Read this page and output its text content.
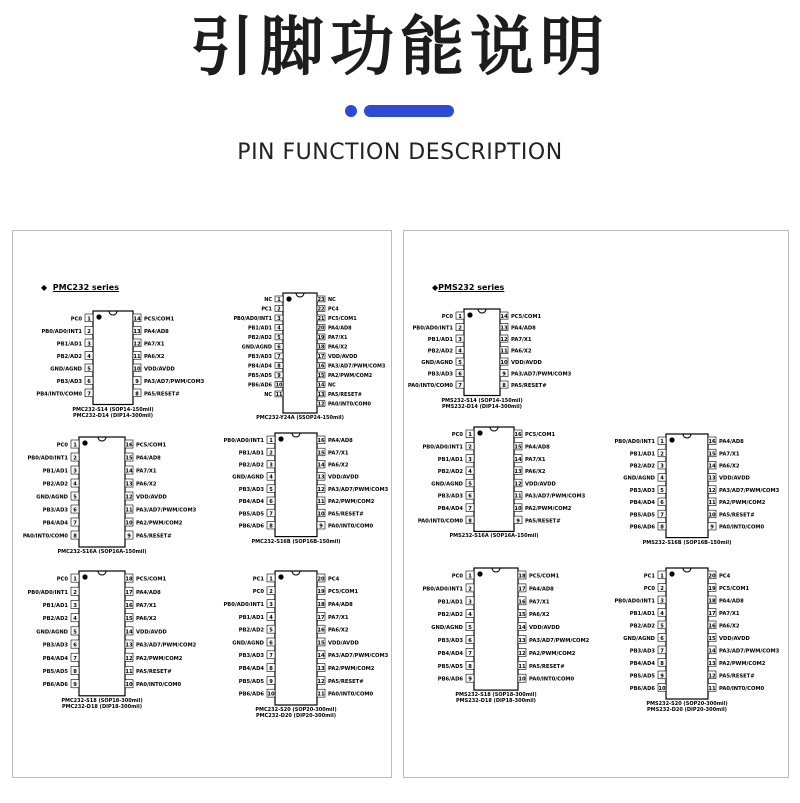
引脚功能说明
PIN FUNCTION DESCRIPTION
◆  PMC232 series
1
PC0
2
PB0/AD0/INT1
3
PB1/AD1
4
PB2/AD2
5
GND/AGND
6
PB3/AD3
7
PB4/INT0/COM0
14 PC5/COM1
13 PA4/AD8
12 PA7/X1
11 PA6/X2
10 VDD/AVDD
9 PA3/AD7/PWM/COM3
8 PA5/RESET#
PMC232-S14 (SOP14-150mil)
PMC232-D14 (DIP14-300mil)
1
NC
2
PC1
3
PB0/AD0/INT1
4
PB1/AD1
5
PB2/AD2
6
GND/AGND
7
PB3/AD3
8
PB4/AD4
9
PB5/AD5
10
PB6/AD6
11
NC
23 NC
22 PC4
21 PC5/COM1
20 PA4/AD8
19 PA7/X1
18 PA6/X2
17 VDD/AVDD
16 PA3/AD7/PWM/COM3
15 PA2/PWM/COM2
14 NC
13 PA5/RESET#
12 PA0/INT0/COM0
PMC232-Y24A (SSOP24-150mil)
1
PC0
2
PB0/AD0/INT1
3
PB1/AD1
4
PB2/AD2
5
GND/AGND
6
PB3/AD3
7
PB4/AD4
8
PA0/INT0/COM0
16 PC5/COM1
15 PA4/AD8
14 PA7/X1
13 PA6/X2
12 VDD/AVDD
11 PA3/AD7/PWM/COM3
10 PA2/PWM/COM2
9 PA5/RESET#
PMC232-S16A (SOP16A-150mil)
1
PB0/AD0/INT1
2
PB1/AD1
3
PB2/AD2
4
GND/AGND
5
PB3/AD3
6
PB4/AD4
7
PB5/AD5
8
PB6/AD6
16 PA4/AD8
15 PA7/X1
14 PA6/X2
13 VDD/AVDD
12 PA3/AD7/PWM/COM3
11 PA2/PWM/COM2
10 PA5/RESET#
9 PA0/INT0/COM0
PMC232-S16B (SOP16B-150mil)
1
PC0
2
PB0/AD0/INT1
3
PB1/AD1
4
PB2/AD2
5
GND/AGND
6
PB3/AD3
7
PB4/AD4
8
PB5/AD5
9
PB6/AD6
18 PC5/COM1
17 PA4/AD8
16 PA7/X1
15 PA6/X2
14 VDD/AVDD
13 PA3/AD7/PWM/COM2
12 PA2/PWM/COM2
11 PA5/RESET#
10 PA0/INT0/COM0
PMC232-S18 (SOP18-300mil)
PMC232-D18 (DIP18-300mil)
1
PC1
2
PC0
3
PB0/AD0/INT1
4
PB1/AD1
5
PB2/AD2
6
GND/AGND
7
PB3/AD3
8
PB4/AD4
9
PB5/AD5
10
PB6/AD6
20 PC4
19 PC5/COM1
18 PA4/AD8
17 PA7/X1
16 PA6/X2
15 VDD/AVDD
14 PA3/AD7/PWM/COM3
13 PA2/PWM/COM2
12 PA5/RESET#
11 PA0/INT0/COM0
PMC232-S20 (SOP20-300mil)
PMC232-D20 (DIP20-300mil)
◆PMS232 series
1
PC0
2
PB0/AD0/INT1
3
PB1/AD1
4
PB2/AD2
5
GND/AGND
6
PB3/AD3
7
PA0/INT0/COM0
14 PC5/COM1
13 PA4/AD8
12 PA7/X1
11 PA6/X2
10 VDD/AVDD
9 PA3/AD7/PWM/COM3
8 PA5/RESET#
PMS232-S14 (SOP14-150mil)
PMS232-D14 (DIP14-300mil)
1
PC0
2
PB0/AD0/INT1
3
PB1/AD1
4
PB2/AD2
5
GND/AGND
6
PB3/AD3
7
PB4/AD4
8
PA0/INT0/COM0
16 PC5/COM1
15 PA4/AD8
14 PA7/X1
13 PA6/X2
12 VDD/AVDD
11 PA3/AD7/PWM/COM3
10 PA2/PWM/COM2
9 PA5/RESET#
PMS232-S16A (SOP16A-150mil)
1
PB0/AD0/INT1
2
PB1/AD1
3
PB2/AD2
4
GND/AGND
5
PB3/AD3
6
PB4/AD4
7
PB5/AD5
8
PB6/AD6
16 PA4/AD8
15 PA7/X1
14 PA6/X2
13 VDD/AVDD
12 PA3/AD7/PWM/COM3
11 PA2/PWM/COM2
10 PA5/RESET#
9 PA0/INT0/COM0
PMS232-S16B (SOP16B-150mil)
1
PC0
2
PB0/AD0/INT1
3
PB1/AD1
4
PB2/AD2
5
GND/AGND
6
PB3/AD3
7
PB4/AD4
8
PB5/AD5
9
PB6/AD6
18 PC5/COM1
17 PA4/AD8
16 PA7/X1
15 PA6/X2
14 VDD/AVDD
13 PA3/AD7/PWM/COM2
12 PA2/PWM/COM2
11 PA5/RESET#
10 PA0/INT0/COM0
PMS232-S18 (SOP18-300mil)
PMS232-D18 (DIP18-300mil)
1
PC1
2
PC0
3
PB0/AD0/INT1
4
PB1/AD1
5
PB2/AD2
6
GND/AGND
7
PB3/AD3
8
PB4/AD4
9
PB5/AD5
10
PB6/AD6
20 PC4
19 PC5/COM1
18 PA4/AD8
17 PA7/X1
16 PA6/X2
15 VDD/AVDD
14 PA3/AD7/PWM/COM3
13 PA2/PWM/COM2
12 PA5/RESET#
11 PA0/INT0/COM0
PMS232-S20 (SOP20-300mil)
PMS232-D20 (DIP20-300mil)
